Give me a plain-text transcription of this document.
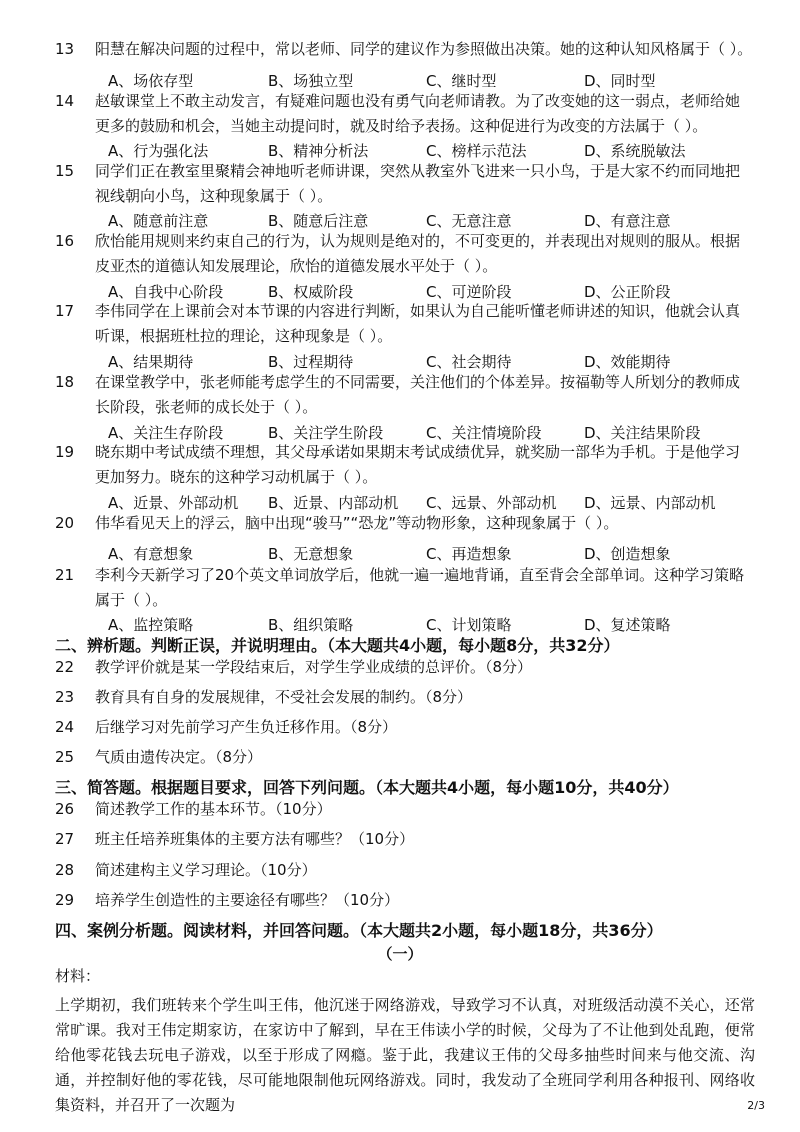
13	阳慧在解决问题的过程中，常以老师、同学的建议作为参照做出决策。她的这种认知风格属于（ ）。
A、场依存型	B、场独立型	C、继时型	D、同时型
14	赵敏课堂上不敢主动发言，有疑难问题也没有勇气向老师请教。为了改变她的这一弱点，老师给她更多的鼓励和机会，当她主动提问时，就及时给予表扬。这种促进行为改变的方法属于（ ）。
A、行为强化法	B、精神分析法	C、榜样示范法	D、系统脱敏法
15	同学们正在教室里聚精会神地听老师讲课，突然从教室外飞进来一只小鸟，于是大家不约而同地把视线朝向小鸟，这种现象属于（ ）。
A、随意前注意	B、随意后注意	C、无意注意	D、有意注意
16	欣怡能用规则来约束自己的行为，认为规则是绝对的，不可变更的，并表现出对规则的服从。根据皮亚杰的道德认知发展理论，欣怡的道德发展水平处于（ ）。
A、自我中心阶段	B、权威阶段	C、可逆阶段	D、公正阶段
17	李伟同学在上课前会对本节课的内容进行判断，如果认为自己能听懂老师讲述的知识，他就会认真听课，根据班杜拉的理论，这种现象是（ ）。
A、结果期待	B、过程期待	C、社会期待	D、效能期待
18	在课堂教学中，张老师能考虑学生的不同需要，关注他们的个体差异。按福勒等人所划分的教师成长阶段，张老师的成长处于（ ）。
A、关注生存阶段	B、关注学生阶段	C、关注情境阶段	D、关注结果阶段
19	晓东期中考试成绩不理想，其父母承诺如果期末考试成绩优异，就奖励一部华为手机。于是他学习更加努力。晓东的这种学习动机属于（ ）。
A、近景、外部动机 B、近景、内部动机 C、远景、外部动机 D、远景、内部动机
20	伟华看见天上的浮云，脑中出现“骏马”“恐龙”等动物形象，这种现象属于（ ）。
A、有意想象	B、无意想象	C、再造想象	D、创造想象
21	李利今天新学习了20个英文单词放学后，他就一遍一遍地背诵，直至背会全部单词。这种学习策略属于（ ）。
A、监控策略	B、组织策略	C、计划策略	D、复述策略
二、辨析题。判断正误，并说明理由。（本大题共4小题，每小题8分，共32分）
22	教学评价就是某一学段结束后，对学生学业成绩的总评价。（8分）
23	教育具有自身的发展规律，不受社会发展的制约。（8分）
24	后继学习对先前学习产生负迁移作用。（8分）
25	气质由遗传决定。（8分）
三、简答题。根据题目要求，回答下列问题。（本大题共4小题，每小题10分，共40分）
26	简述教学工作的基本环节。（10分）
27	班主任培养班集体的主要方法有哪些？（10分）
28	简述建构主义学习理论。（10分）
29	培养学生创造性的主要途径有哪些？（10分）
四、案例分析题。阅读材料，并回答问题。（本大题共2小题，每小题18分，共36分）
（一）
材料：
上学期初，我们班转来个学生叫王伟，他沉迷于网络游戏，导致学习不认真，对班级活动漠不关心，还常常旷课。我对王伟定期家访，在家访中了解到，早在王伟读小学的时候，父母为了不让他到处乱跑，便常给他零花钱去玩电子游戏，以至于形成了网瘾。鉴于此，我建议王伟的父母多抽些时间来与他交流、沟通，并控制好他的零花钱，尽可能地限制他玩网络游戏。同时，我发动了全班同学利用各种报刊、网络收集资料，并召开了一次题为	2/3
